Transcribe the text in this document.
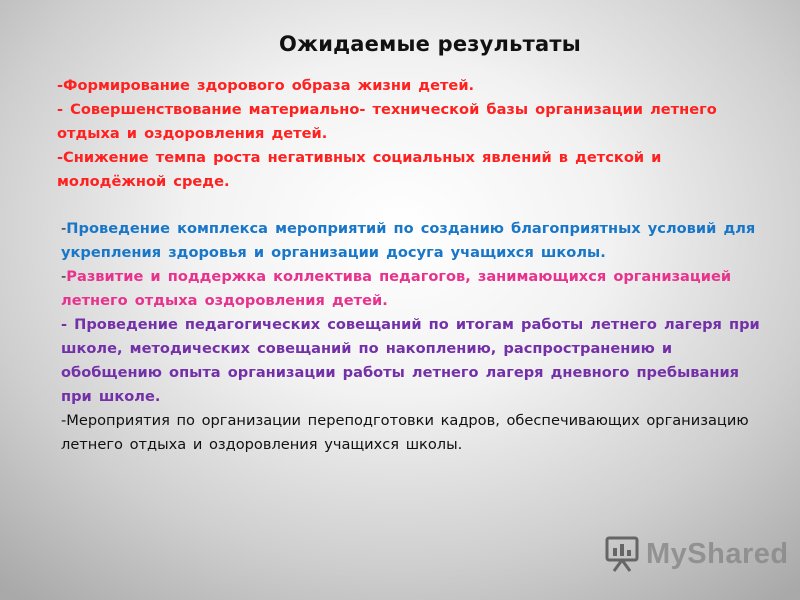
Ожидаемые результаты

-Формирование здорового образа жизни детей.

- Совершенствование материально- технической базы организации летнего отдыха и оздоровления детей.

-Снижение темпа роста негативных социальных явлений в детской и молодёжной среде.

-Проведение комплекса мероприятий по созданию благоприятных условий для укрепления здоровья и организации досуга учащихся школы.

-Развитие и поддержка коллектива педагогов, занимающихся организацией летнего отдыха оздоровления детей.

- Проведение педагогических совещаний по итогам работы летнего лагеря при школе, методических совещаний по накоплению, распространению и обобщению опыта организации работы летнего лагеря дневного пребывания при школе.

-Мероприятия по организации переподготовки кадров, обеспечивающих организацию летнего отдыха и оздоровления учащихся школы.

MyShared
